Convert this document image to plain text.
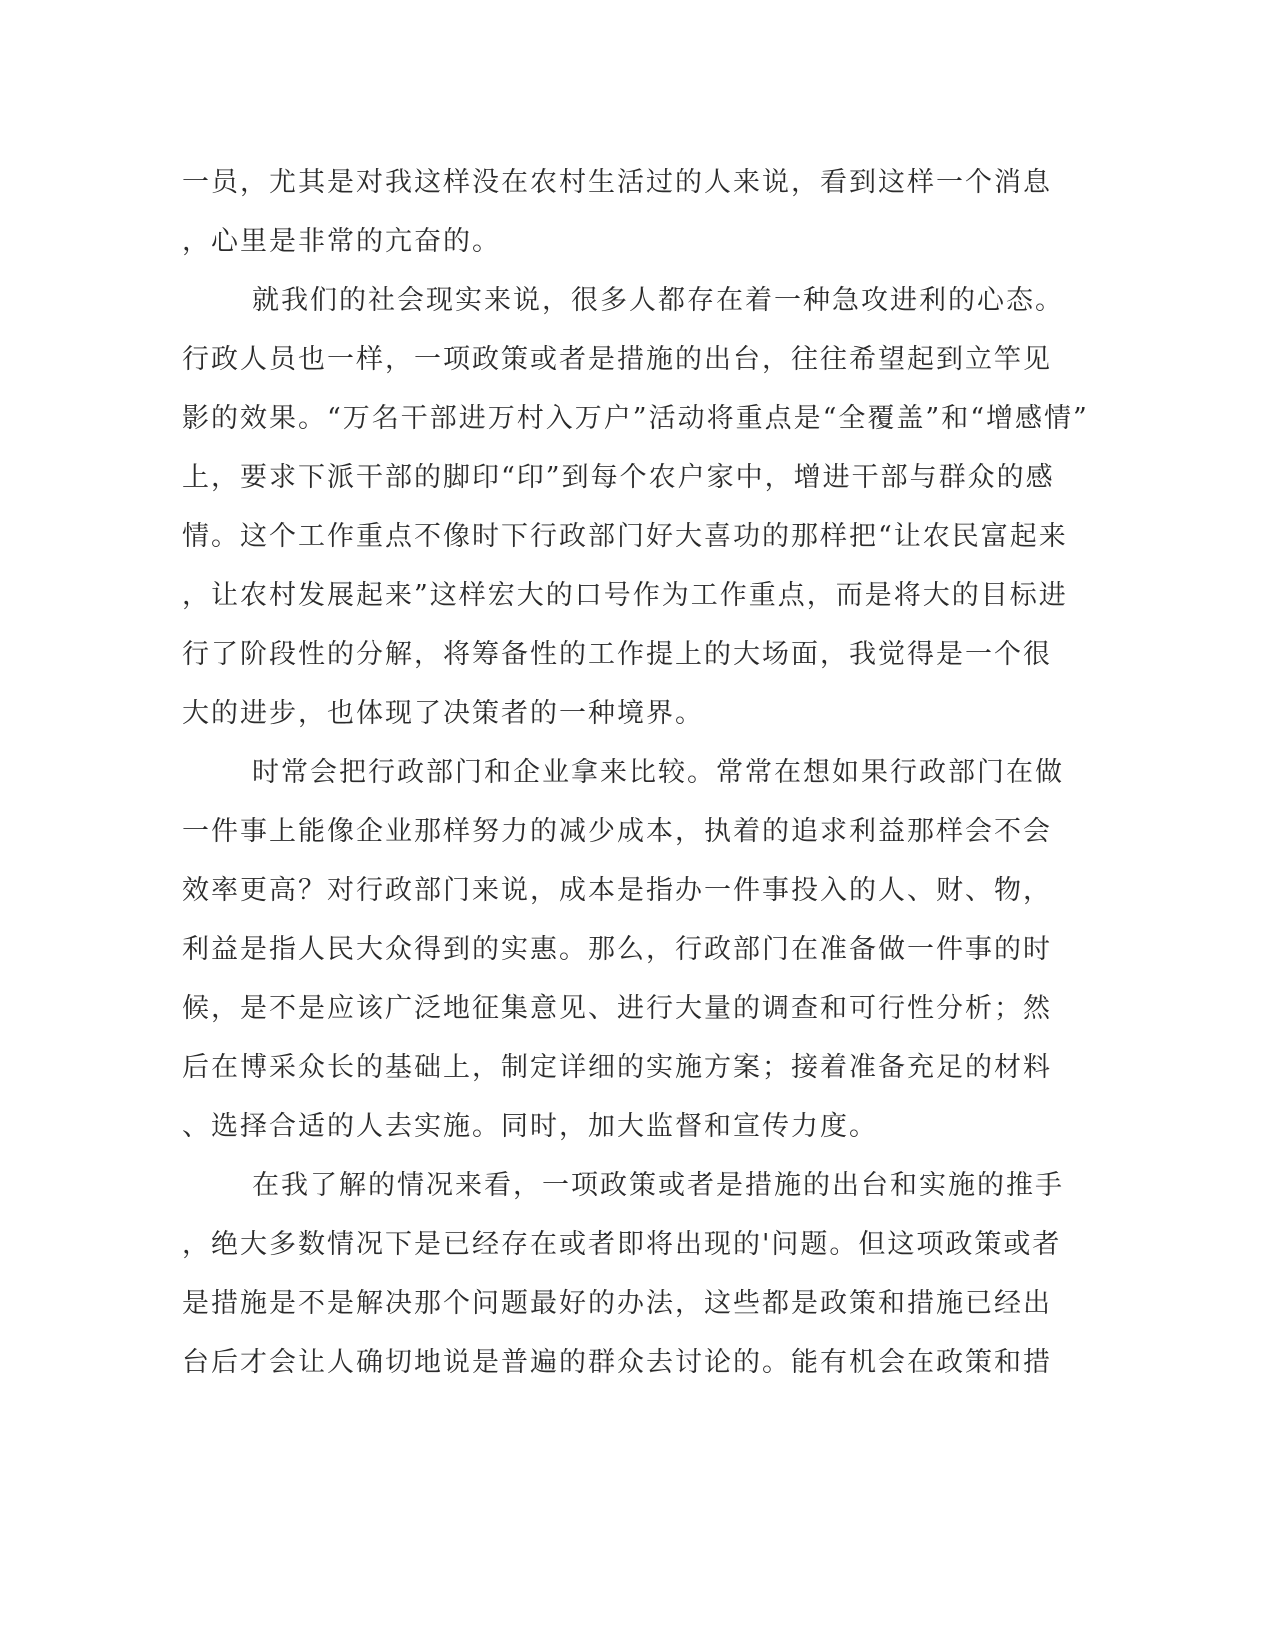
一员，尤其是对我这样没在农村生活过的人来说，看到这样一个消息
，心里是非常的亢奋的。
就我们的社会现实来说，很多人都存在着一种急攻进利的心态。
行政人员也一样，一项政策或者是措施的出台，往往希望起到立竿见
影的效果。“万名干部进万村入万户”活动将重点是“全覆盖”和“增感情”
上，要求下派干部的脚印“印”到每个农户家中，增进干部与群众的感
情。这个工作重点不像时下行政部门好大喜功的那样把“让农民富起来
，让农村发展起来”这样宏大的口号作为工作重点，而是将大的目标进
行了阶段性的分解，将筹备性的工作提上的大场面，我觉得是一个很
大的进步，也体现了决策者的一种境界。
时常会把行政部门和企业拿来比较。常常在想如果行政部门在做
一件事上能像企业那样努力的减少成本，执着的追求利益那样会不会
效率更高？对行政部门来说，成本是指办一件事投入的人、财、物，
利益是指人民大众得到的实惠。那么，行政部门在准备做一件事的时
候，是不是应该广泛地征集意见、进行大量的调查和可行性分析；然
后在博采众长的基础上，制定详细的实施方案；接着准备充足的材料
、选择合适的人去实施。同时，加大监督和宣传力度。
在我了解的情况来看，一项政策或者是措施的出台和实施的推手
，绝大多数情况下是已经存在或者即将出现的'问题。但这项政策或者
是措施是不是解决那个问题最好的办法，这些都是政策和措施已经出
台后才会让人确切地说是普遍的群众去讨论的。能有机会在政策和措
